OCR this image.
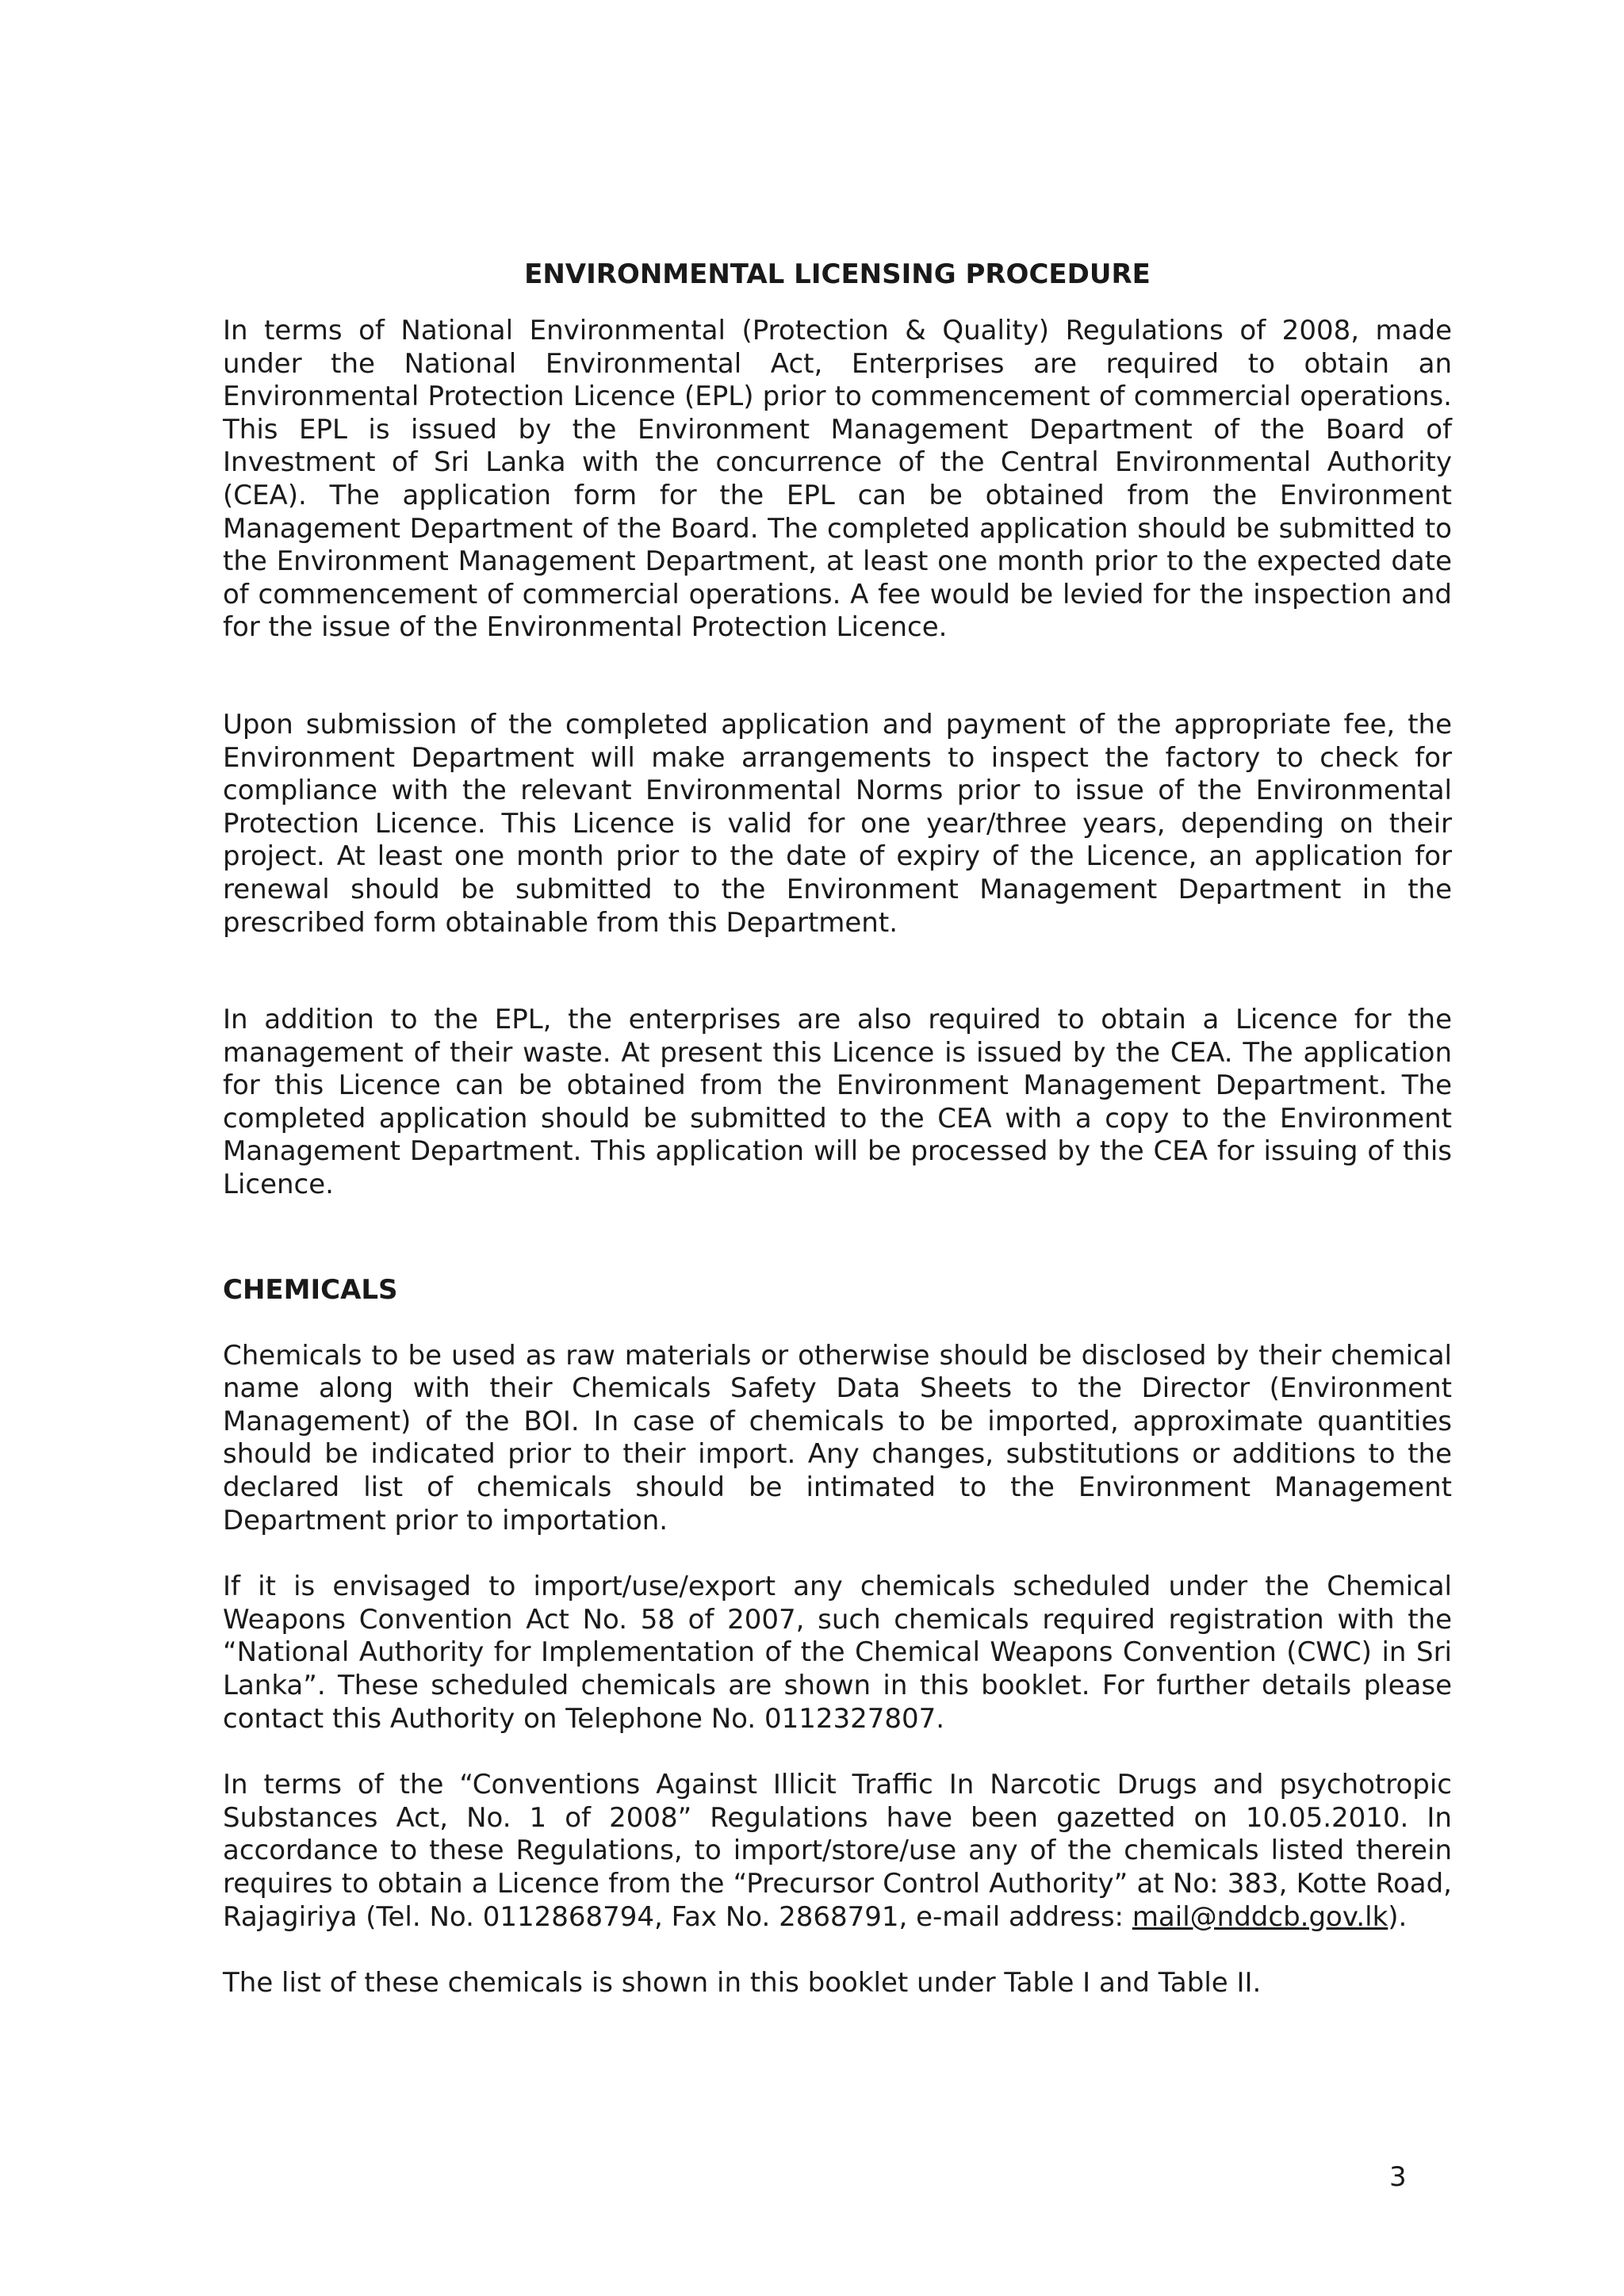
ENVIRONMENTAL LICENSING PROCEDURE

In terms of National Environmental (Protection & Quality) Regulations of 2008, made under the National Environmental Act, Enterprises are required to obtain an Environmental Protection Licence (EPL) prior to commencement of commercial operations. This EPL is issued by the Environment Management Department of the Board of Investment of Sri Lanka with the concurrence of the Central Environmental Authority (CEA). The application form for the EPL can be obtained from the Environment Management Department of the Board. The completed application should be submitted to the Environment Management Department, at least one month prior to the expected date of commencement of commercial operations. A fee would be levied for the inspection and for the issue of the Environmental Protection Licence.

Upon submission of the completed application and payment of the appropriate fee, the Environment Department will make arrangements to inspect the factory to check for compliance with the relevant Environmental Norms prior to issue of the Environmental Protection Licence. This Licence is valid for one year/three years, depending on their project. At least one month prior to the date of expiry of the Licence, an application for renewal should be submitted to the Environment Management Department in the prescribed form obtainable from this Department.

In addition to the EPL, the enterprises are also required to obtain a Licence for the management of their waste. At present this Licence is issued by the CEA. The application for this Licence can be obtained from the Environment Management Department. The completed application should be submitted to the CEA with a copy to the Environment Management Department. This application will be processed by the CEA for issuing of this Licence.

CHEMICALS

Chemicals to be used as raw materials or otherwise should be disclosed by their chemical name along with their Chemicals Safety Data Sheets to the Director (Environment Management) of the BOI. In case of chemicals to be imported, approximate quantities should be indicated prior to their import. Any changes, substitutions or additions to the declared list of chemicals should be intimated to the Environment Management Department prior to importation.

If it is envisaged to import/use/export any chemicals scheduled under the Chemical Weapons Convention Act No. 58 of 2007, such chemicals required registration with the “National Authority for Implementation of the Chemical Weapons Convention (CWC) in Sri Lanka”. These scheduled chemicals are shown in this booklet. For further details please contact this Authority on Telephone No. 0112327807.

In terms of the “Conventions Against Illicit Traffic In Narcotic Drugs and psychotropic Substances Act, No. 1 of 2008” Regulations have been gazetted on 10.05.2010. In accordance to these Regulations, to import/store/use any of the chemicals listed therein requires to obtain a Licence from the “Precursor Control Authority” at No: 383, Kotte Road, Rajagiriya (Tel. No. 0112868794, Fax No. 2868791, e-mail address: mail@nddcb.gov.lk).

The list of these chemicals is shown in this booklet under Table I and Table II.

3
